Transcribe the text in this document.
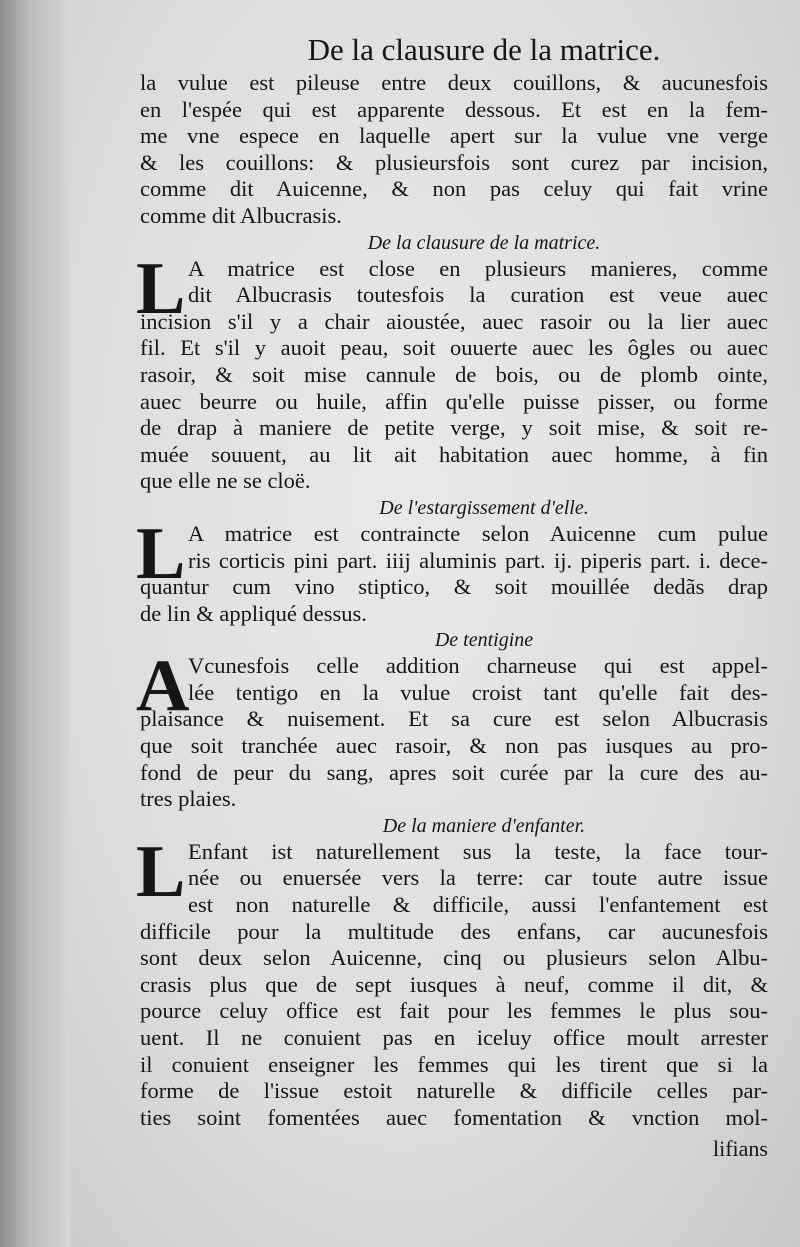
De la clausure de la matrice.
la vulue est pileuse entre deux couillons, & aucunesfois
en l'espée qui est apparente dessous. Et est en la fem-
me vne espece en laquelle apert sur la vulue vne verge
& les couillons: & plusieursfois sont curez par incision,
comme dit Auicenne, & non pas celuy qui fait vrine
comme dit Albucrasis.
De la clausure de la matrice.
L A matrice est close en plusieurs manieres, comme
dit Albucrasis toutesfois la curation est veue auec
incision s'il y a chair aioustée, auec rasoir ou la lier auec
fil. Et s'il y auoit peau, soit ouuerte auec les ôgles ou auec
rasoir, & soit mise cannule de bois, ou de plomb ointe,
auec beurre ou huile, affin qu'elle puisse pisser, ou forme
de drap à maniere de petite verge, y soit mise, & soit re-
muée souuent, au lit ait habitation auec homme, à fin
que elle ne se cloë.
De l'estargissement d'elle.
L A matrice est contraincte selon Auicenne cum pulue
ris corticis pini part. iiij aluminis part. ij. piperis part. i. dece-
quantur cum vino stiptico, & soit mouillée dedãs drap
de lin & appliqué dessus.
De tentigine
A
Vcunesfois celle addition charneuse qui est appel-
lée tentigo en la vulue croist tant qu'elle fait des-
plaisance & nuisement. Et sa cure est selon Albucrasis
que soit tranchée auec rasoir, & non pas iusques au pro-
fond de peur du sang, apres soit curée par la cure des au-
tres plaies.
De la maniere d'enfanter.
L Enfant ist naturellement sus la teste, la face tour-
née ou enuersée vers la terre: car toute autre issue
est non naturelle & difficile, aussi l'enfantement est
difficile pour la multitude des enfans, car aucunesfois
sont deux selon Auicenne, cinq ou plusieurs selon Albu-
crasis plus que de sept iusques à neuf, comme il dit, &
pource celuy office est fait pour les femmes le plus sou-
uent. Il ne conuient pas en iceluy office moult arrester
il conuient enseigner les femmes qui les tirent que si la
forme de l'issue estoit naturelle & difficile celles par-
ties soint fomentées auec fomentation & vnction mol-
lifians
